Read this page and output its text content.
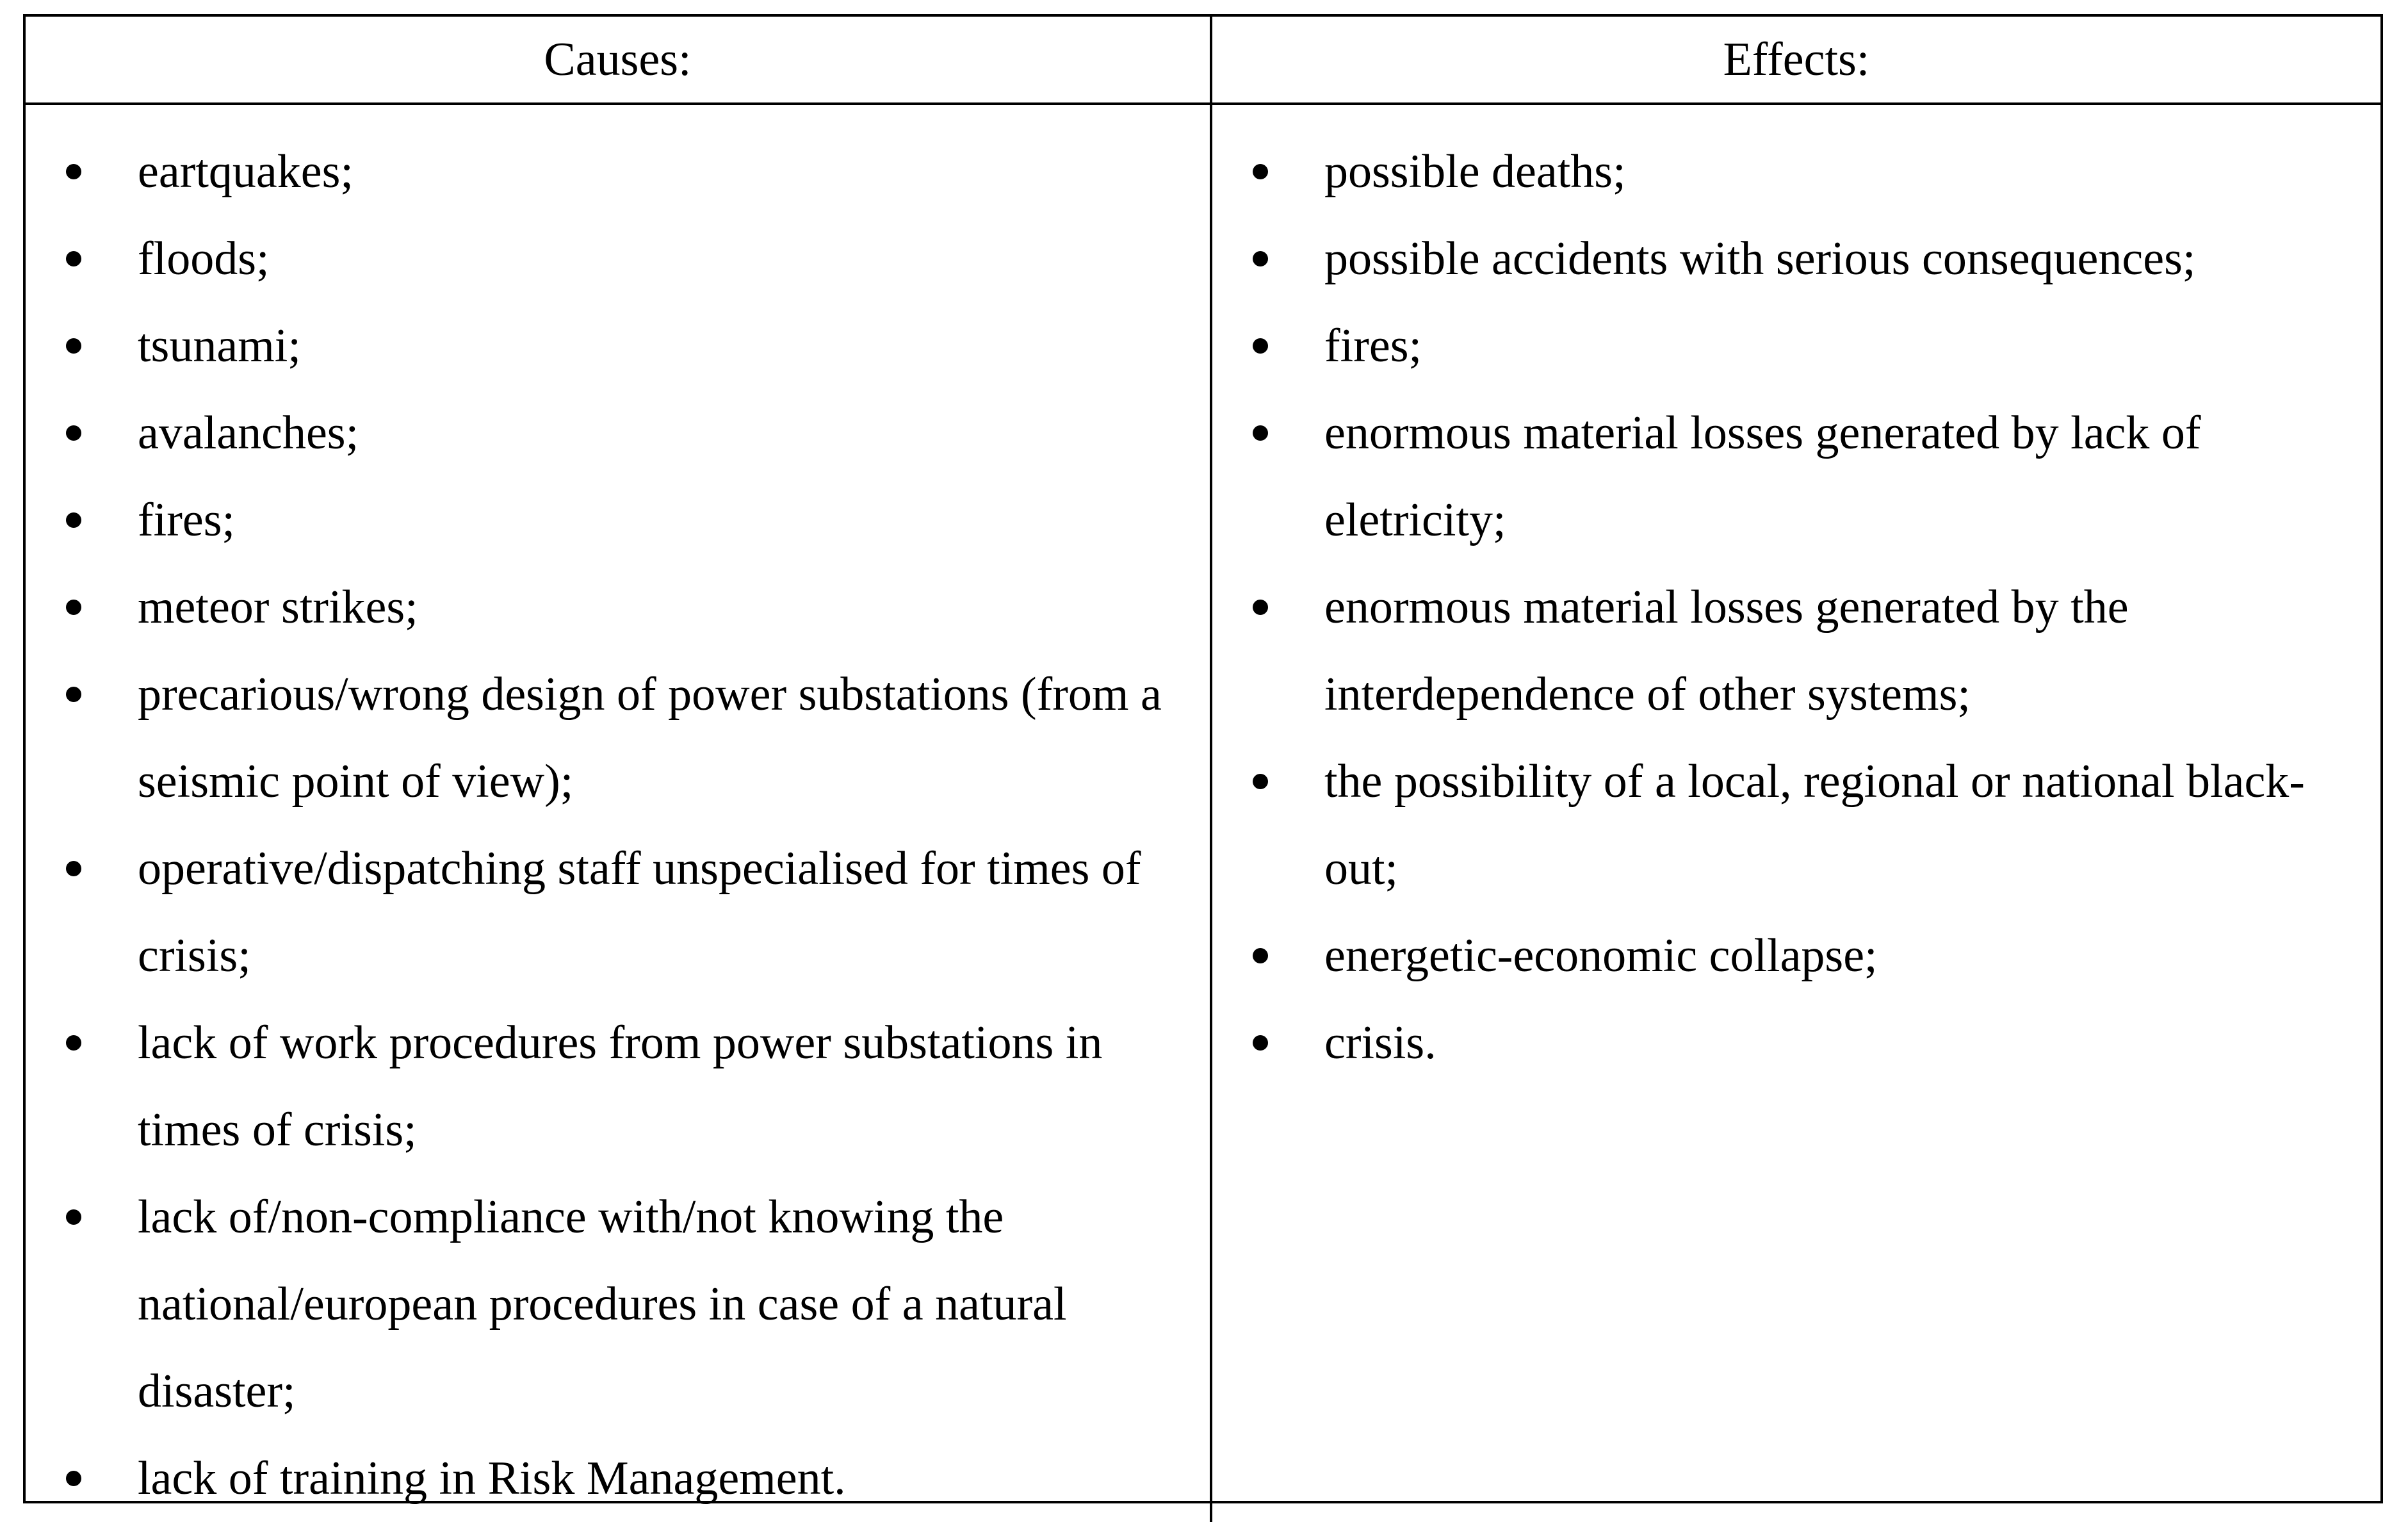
Causes:	Effects:
eartquakes;
floods;
tsunami;
avalanches;
fires;
meteor strikes;
precarious/wrong design of power substations (from a seismic point of view);
operative/dispatching staff unspecialised for times of crisis;
lack of work procedures from power substations in times of crisis;
lack of/non-compliance with/not knowing the national/european procedures in case of a natural disaster;
lack of training in Risk Management.
possible deaths;
possible accidents with serious consequences;
fires;
enormous material losses generated by lack of eletricity;
enormous material losses generated by the interdependence of other systems;
the possibility of a local, regional or national black-out;
energetic-economic collapse;
crisis.
